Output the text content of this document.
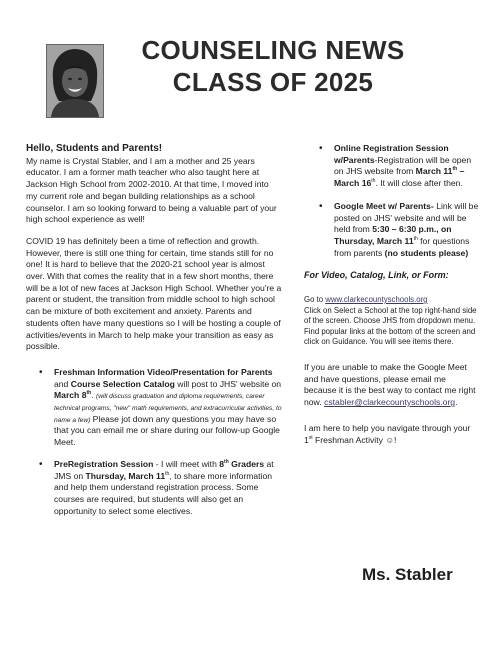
COUNSELING NEWS
CLASS OF 2025

Hello, Students and Parents!

My name is Crystal Stabler, and I am a mother and 25 years educator. I am a former math teacher who also taught here at Jackson High School from 2002-2010. At that time, I moved into my current role and began building relationships as a school counselor. I am so looking forward to being a valuable part of your high school experience as well!

COVID 19 has definitely been a time of reflection and growth. However, there is still one thing for certain, time stands still for no one! It is hard to believe that the 2020-21 school year is almost over. With that comes the reality that in a few short months, there will be a lot of new faces at Jackson High School. Whether you're a parent or student, the transition from middle school to high school can be mixture of both excitement and anxiety. Parents and students often have many questions so I will be hosting a couple of activities/events in March to help make your transition as easy as possible.

• Freshman Information Video/Presentation for Parents and Course Selection Catalog will post to JHS' website on March 8th. (will discuss graduation and diploma requirements, career technical programs, "new" math requirements, and extracurricular activities, to name a few) Please jot down any questions you may have so that you can email me or share during our follow-up Google Meet.
• PreRegistration Session - I will meet with 8th Graders at JMS on Thursday, March 11th, to share more information and help them understand registration process. Some courses are required, but students will also get an opportunity to select some electives.
• Online Registration Session w/Parents-Registration will be open on JHS website from March 11th – March 16th. It will close after then.
• Google Meet w/ Parents- Link will be posted on JHS' website and will be held from 5:30 – 6:30 p.m., on Thursday, March 11th for questions from parents (no students please)

For Video, Catalog, Link, or Form:

Go to www.clarkecountyschools.org
Click on Select a School at the top right-hand side of the screen. Choose JHS from dropdown menu. Find popular links at the bottom of the screen and click on Guidance. You will see items there.

If you are unable to make the Google Meet and have questions, please email me because it is the best way to contact me right now. cstabler@clarkecountyschools.org.

I am here to help you navigate through your 1st Freshman Activity ☺!

Ms. Stabler
